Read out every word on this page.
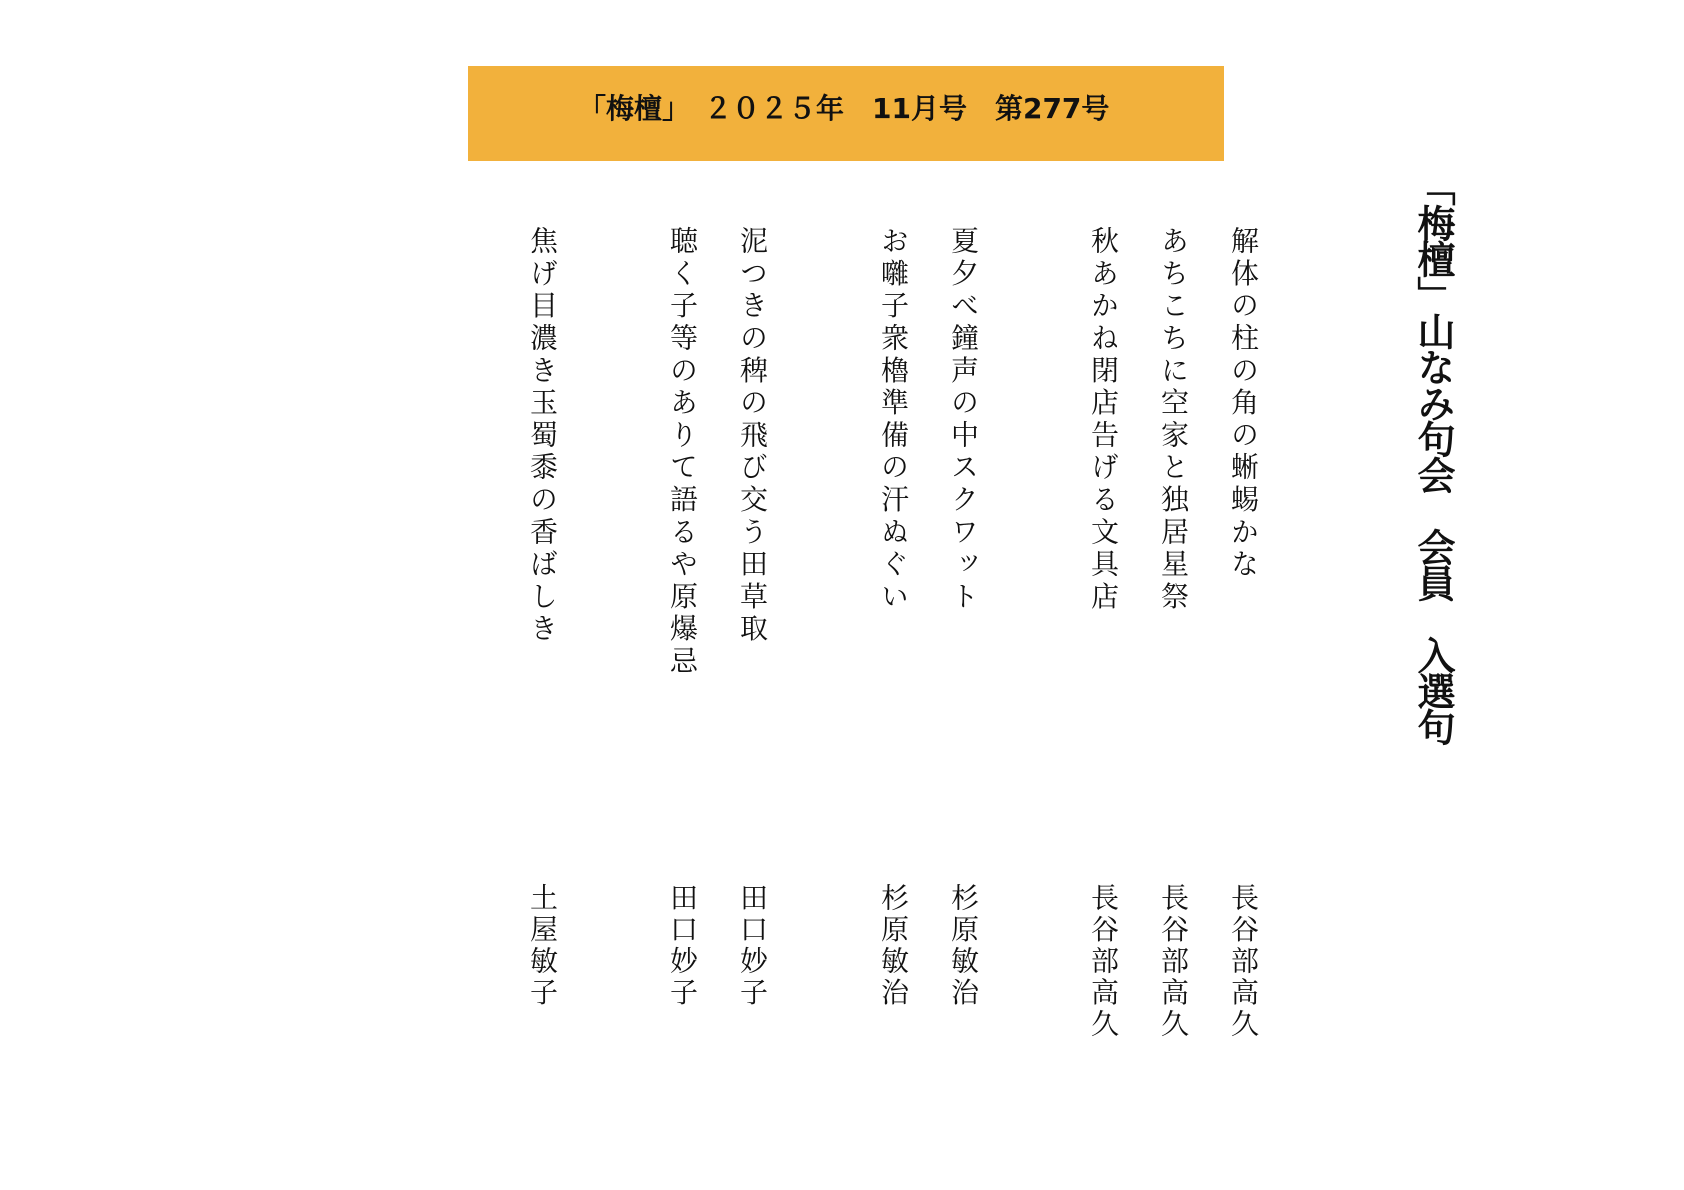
「梅檀」　２０２５年　11月号　第277号
「梅檀」山なみ句会　会員　入選句
解体の柱の角の蜥蜴かな
長谷部高久
あちこちに空家と独居星祭
長谷部高久
秋あかね閉店告げる文具店
長谷部高久
夏夕べ鐘声の中スクワット
杉原敏治
お囃子衆櫓準備の汗ぬぐい
杉原敏治
泥つきの稗の飛び交う田草取
田口妙子
聴く子等のありて語るや原爆忌
田口妙子
焦げ目濃き玉蜀黍の香ばしき
土屋敏子
